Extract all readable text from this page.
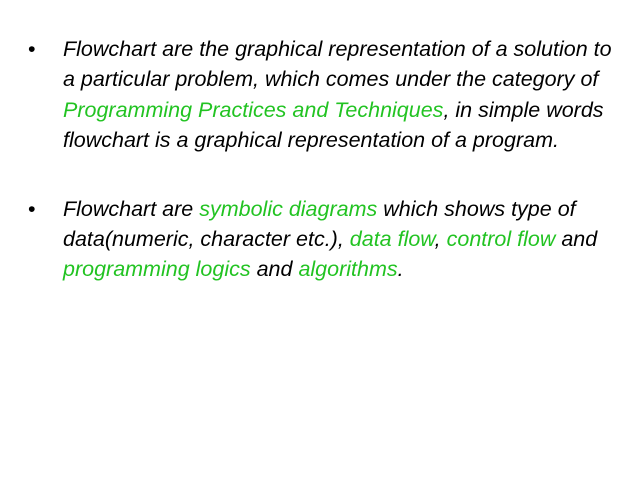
• Flowchart are the graphical representation of a solution to a particular problem, which comes under the category of Programming Practices and Techniques, in simple words flowchart is a graphical representation of a program.
• Flowchart are symbolic diagrams which shows type of data(numeric, character etc.), data flow, control flow and programming logics and algorithms.
